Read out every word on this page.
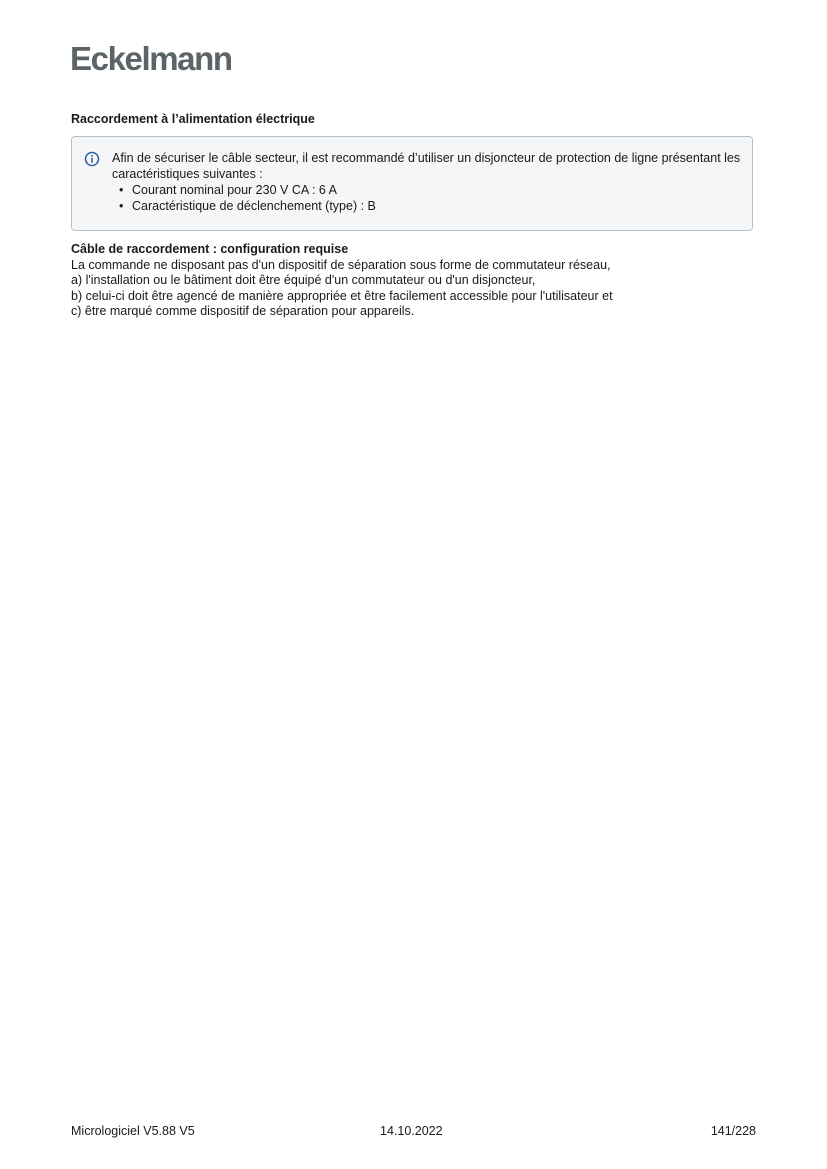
Eckelmann
Raccordement à l’alimentation électrique

Afin de sécuriser le câble secteur, il est recommandé d’utiliser un disjoncteur de protection de ligne présentant les caractéristiques suivantes :

• Courant nominal pour 230 V CA : 6 A
• Caractéristique de déclenchement (type) : B
Câble de raccordement : configuration requise
La commande ne disposant pas d'un dispositif de séparation sous forme de commutateur réseau,
a) l'installation ou le bâtiment doit être équipé d'un commutateur ou d'un disjoncteur,
b) celui-ci doit être agencé de manière appropriée et être facilement accessible pour l'utilisateur et
c) être marqué comme dispositif de séparation pour appareils.
Micrologiciel V5.88 V5	14.10.2022	141/228
